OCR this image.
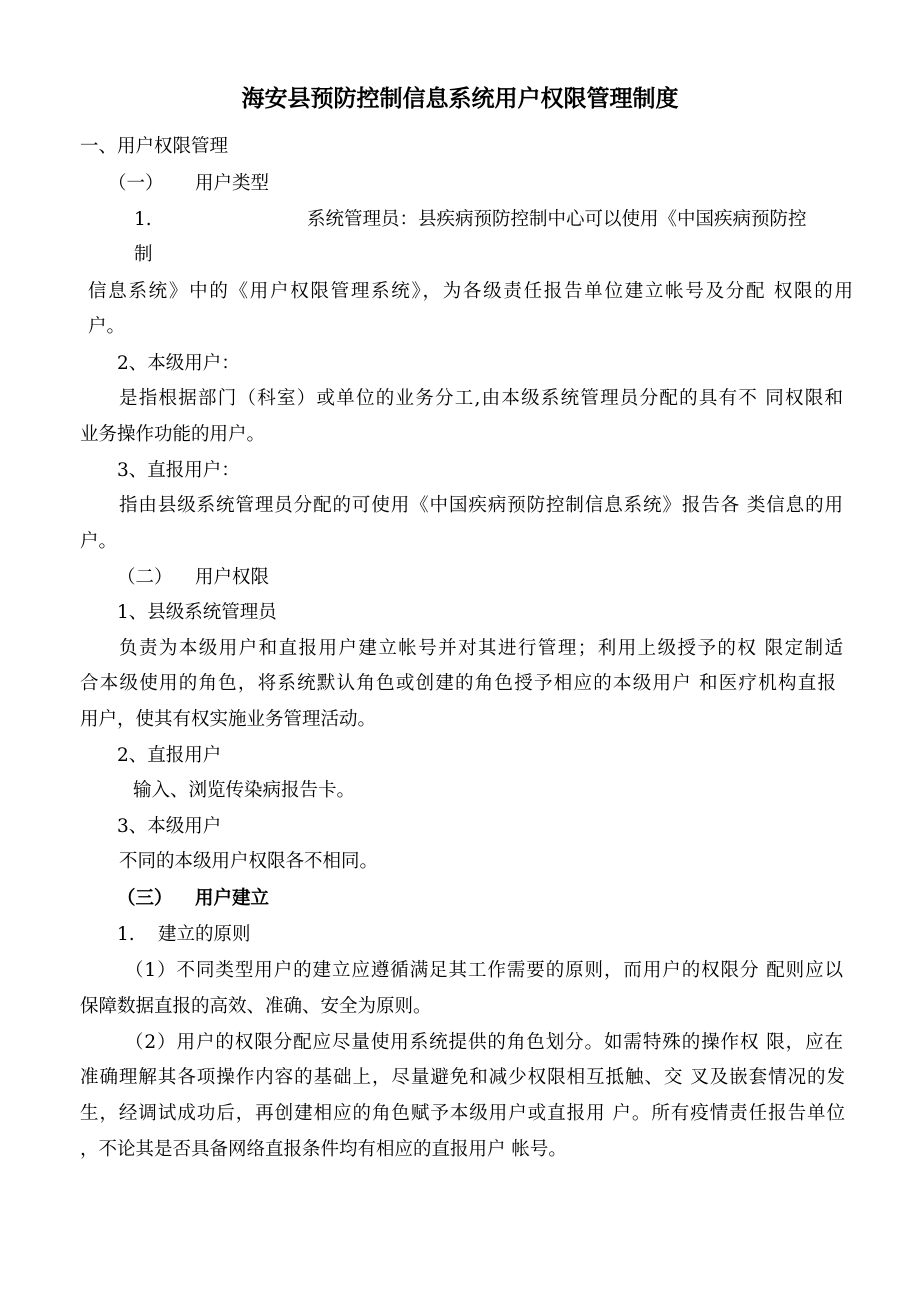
海安县预防控制信息系统用户权限管理制度
一、用户权限管理
（一） 用户类型
1.	系统管理员：县疾病预防控制中心可以使用《中国疾病预防控
制
信息系统》中的《用户权限管理系统》，为各级责任报告单位建立帐号及分配 权限的用
户。
2、本级用户：
是指根据部门（科室）或单位的业务分工,由本级系统管理员分配的具有不 同权限和
业务操作功能的用户。
3、直报用户：
指由县级系统管理员分配的可使用《中国疾病预防控制信息系统》报告各 类信息的用
户。
（二） 用户权限
1、县级系统管理员
负责为本级用户和直报用户建立帐号并对其进行管理；利用上级授予的权 限定制适
合本级使用的角色，将系统默认角色或创建的角色授予相应的本级用户 和医疗机构直报
用户，使其有权实施业务管理活动。
2、直报用户
输入、浏览传染病报告卡。
3、本级用户
不同的本级用户权限各不相同。
（三） 用户建立
1. 建立的原则
（1）不同类型用户的建立应遵循满足其工作需要的原则，而用户的权限分 配则应以
保障数据直报的高效、准确、安全为原则。
（2）用户的权限分配应尽量使用系统提供的角色划分。如需特殊的操作权 限，应在
准确理解其各项操作内容的基础上，尽量避免和减少权限相互抵触、交 叉及嵌套情况的发
生，经调试成功后，再创建相应的角色赋予本级用户或直报用 户。所有疫情责任报告单位
，不论其是否具备网络直报条件均有相应的直报用户 帐号。
